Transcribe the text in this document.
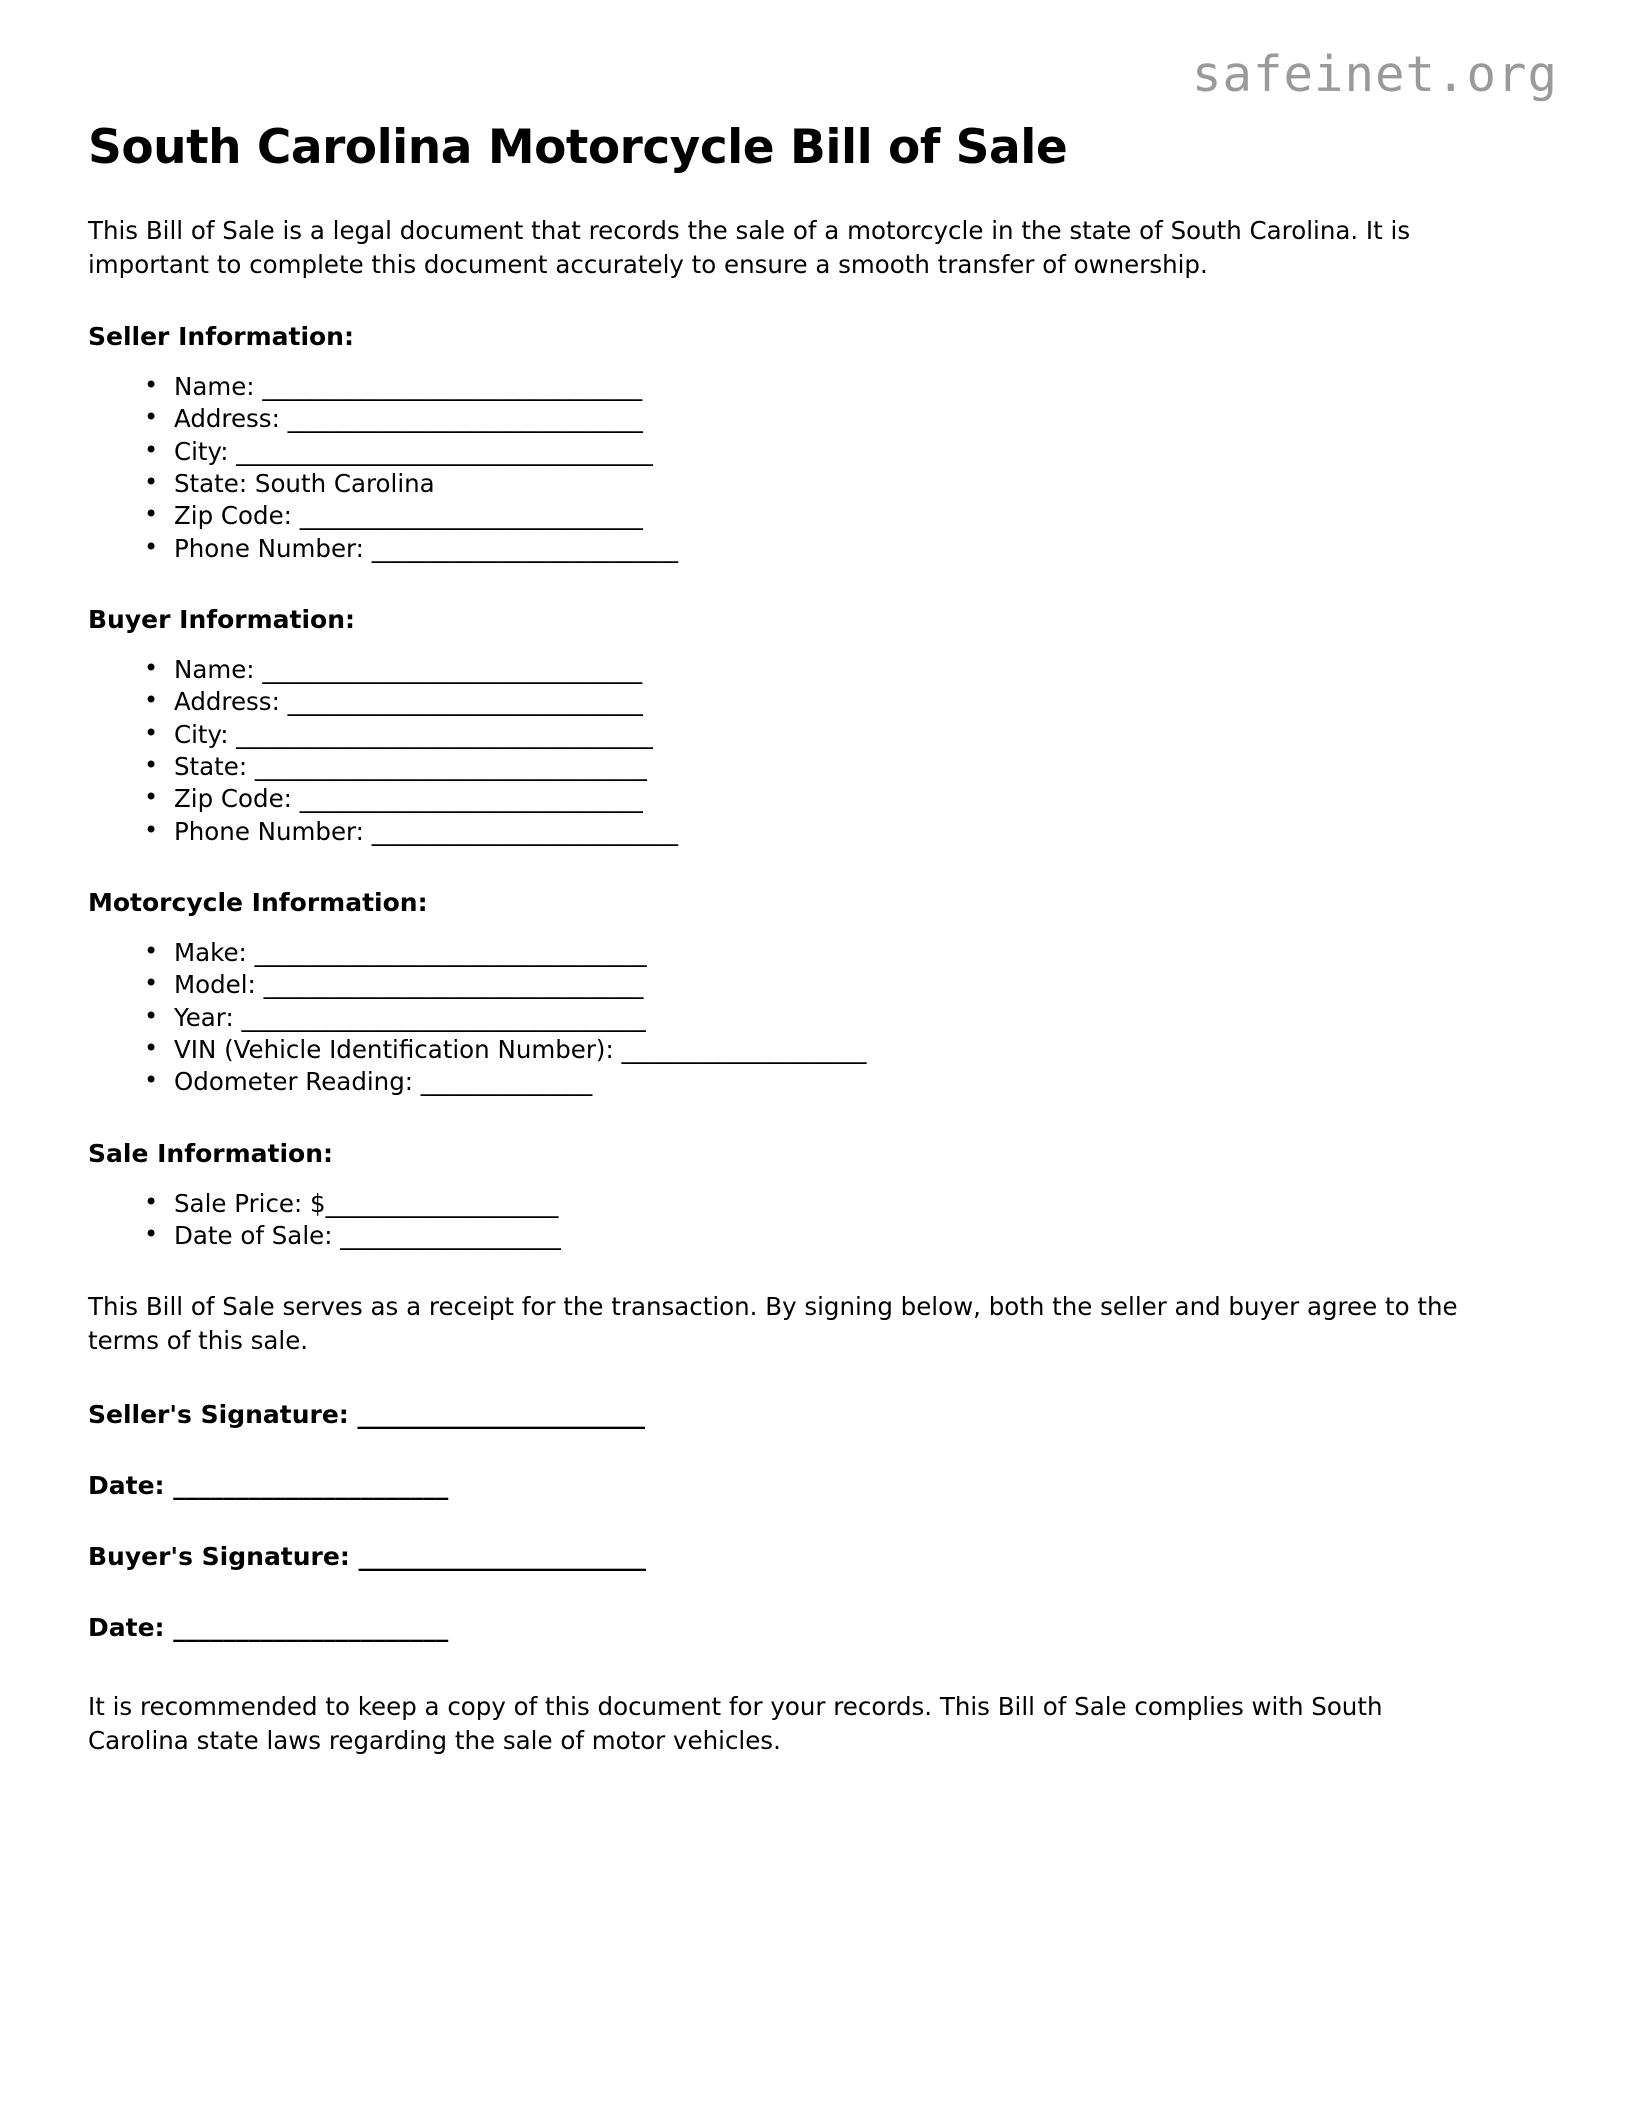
safeinet.org
South Carolina Motorcycle Bill of Sale

This Bill of Sale is a legal document that records the sale of a motorcycle in the state of South Carolina. It is important to complete this document accurately to ensure a smooth transfer of ownership.

Seller Information:
• Name: _______________________________
• Address: _____________________________
• City: __________________________________
• State: South Carolina
• Zip Code: ____________________________
• Phone Number: _________________________
Buyer Information:
• Name: _______________________________
• Address: _____________________________
• City: __________________________________
• State: ________________________________
• Zip Code: ____________________________
• Phone Number: _________________________
Motorcycle Information:
• Make: ________________________________
• Model: _______________________________
• Year: _________________________________
• VIN (Vehicle Identification Number): ____________________
• Odometer Reading: ______________
Sale Information:
• Sale Price: $___________________
• Date of Sale: __________________

This Bill of Sale serves as a receipt for the transaction. By signing below, both the seller and buyer agree to the terms of this sale.

Seller's Signature: _______________________
Date: ______________________
Buyer's Signature: _______________________
Date: ______________________

It is recommended to keep a copy of this document for your records. This Bill of Sale complies with South Carolina state laws regarding the sale of motor vehicles.
